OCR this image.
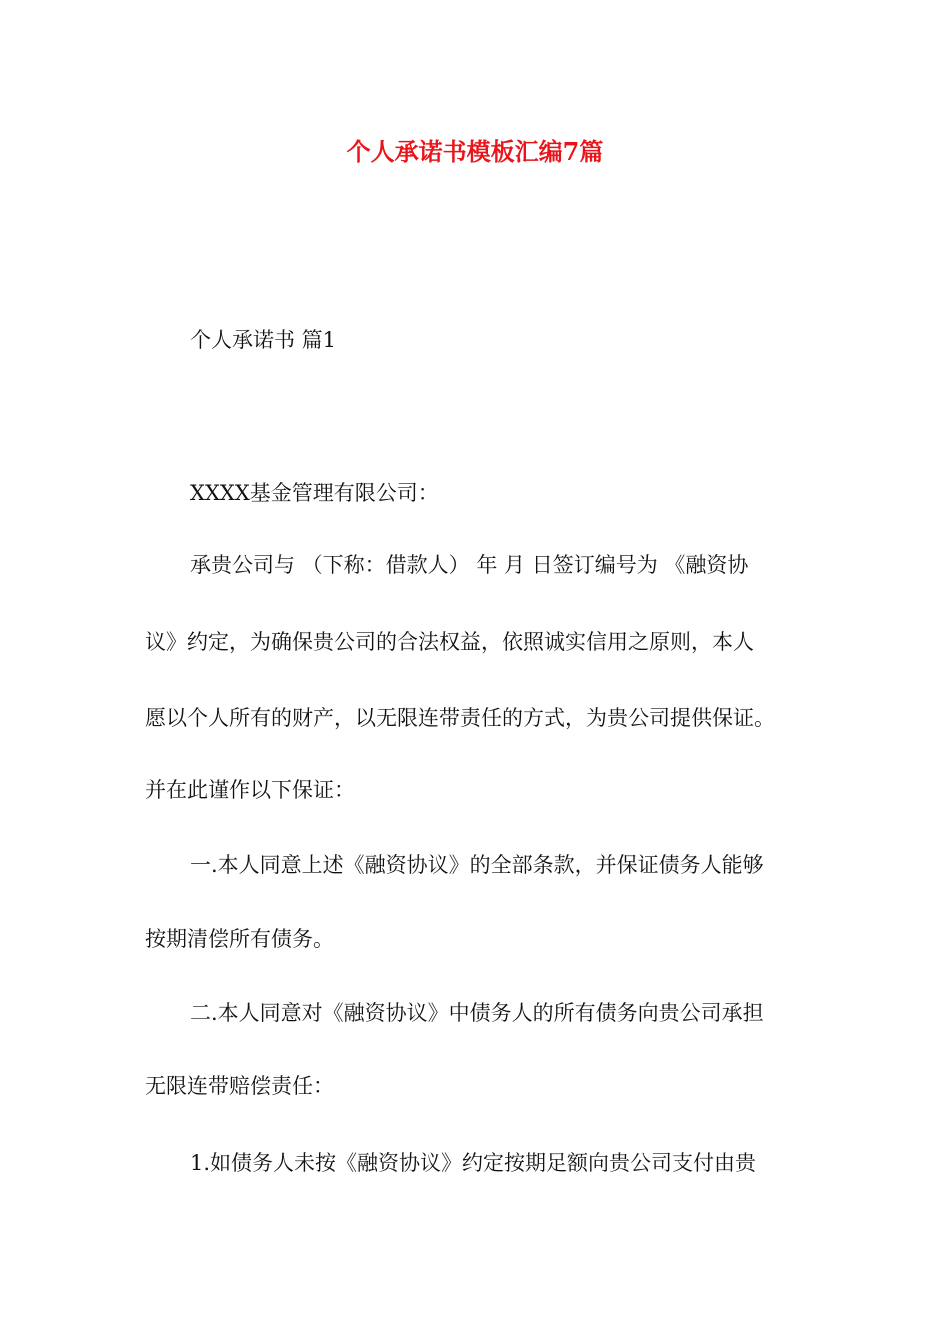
个人承诺书模板汇编7篇
个人承诺书 篇1
XXXX基金管理有限公司：
承贵公司与 （下称：借款人） 年 月 日签订编号为 《融资协
议》约定，为确保贵公司的合法权益，依照诚实信用之原则，本人
愿以个人所有的财产，以无限连带责任的方式，为贵公司提供保证。
并在此谨作以下保证：
一.本人同意上述《融资协议》的全部条款，并保证债务人能够
按期清偿所有债务。
二.本人同意对《融资协议》中债务人的所有债务向贵公司承担
无限连带赔偿责任：
1.如债务人未按《融资协议》约定按期足额向贵公司支付由贵
